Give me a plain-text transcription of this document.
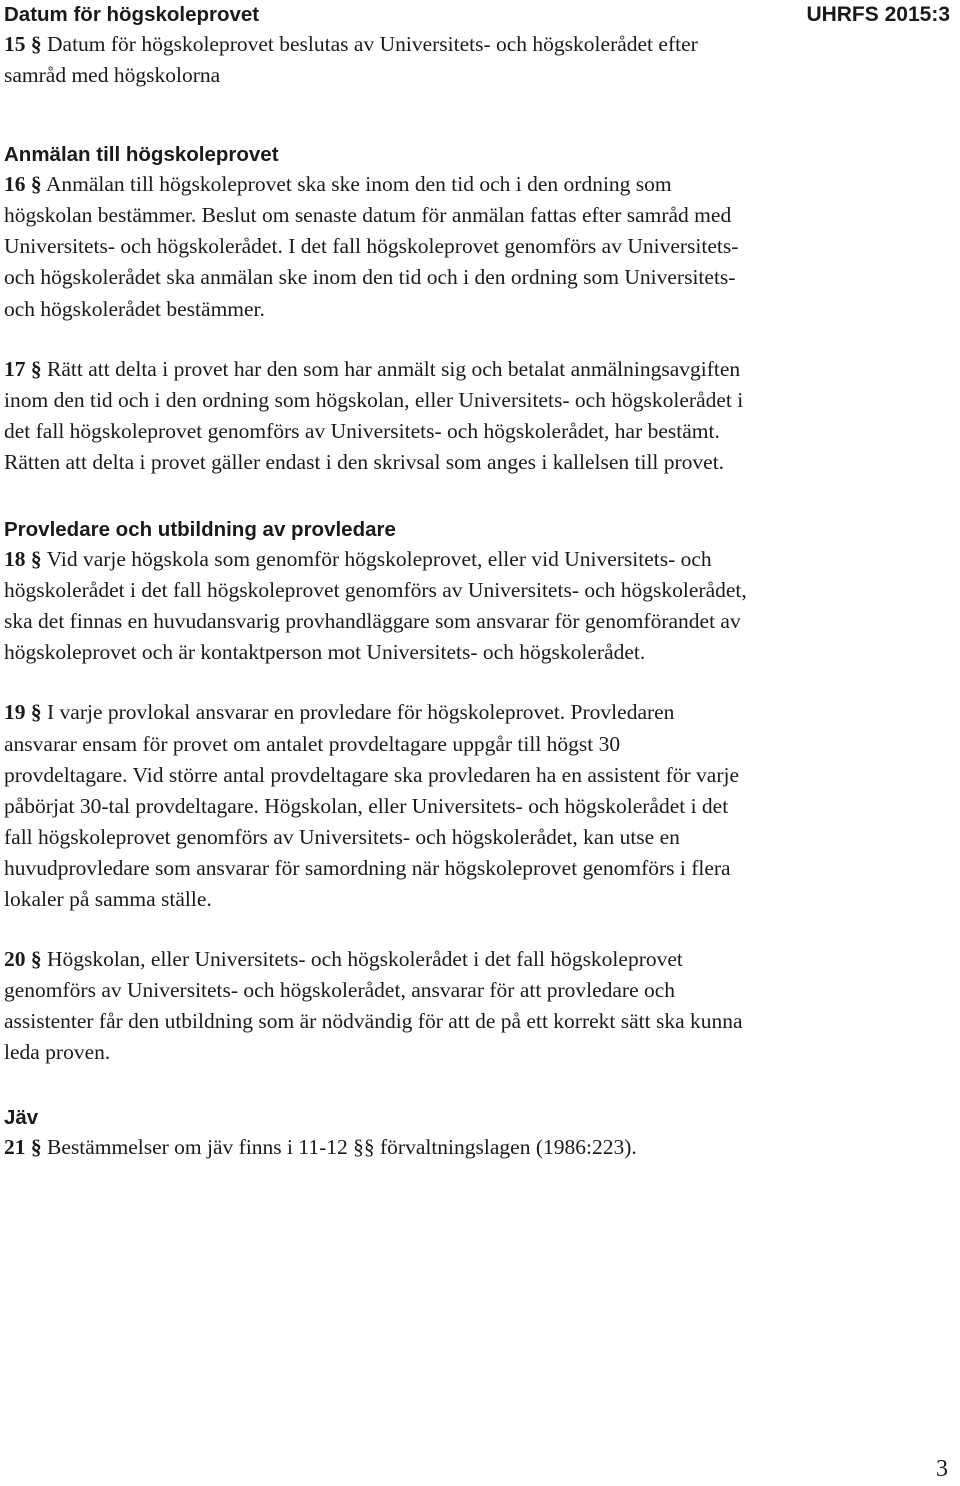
UHRFS 2015:3
Datum för högskoleprovet

15 § Datum för högskoleprovet beslutas av Universitets- och högskolerådet efter samråd med högskolorna

Anmälan till högskoleprovet

16 § Anmälan till högskoleprovet ska ske inom den tid och i den ordning som högskolan bestämmer. Beslut om senaste datum för anmälan fattas efter samråd med Universitets- och högskolerådet. I det fall högskoleprovet genomförs av Universitets- och högskolerådet ska anmälan ske inom den tid och i den ordning som Universitets- och högskolerådet bestämmer.

17 § Rätt att delta i provet har den som har anmält sig och betalat anmälningsavgiften inom den tid och i den ordning som högskolan, eller Universitets- och högskolerådet i det fall högskoleprovet genomförs av Universitets- och högskolerådet, har bestämt. Rätten att delta i provet gäller endast i den skrivsal som anges i kallelsen till provet.

Provledare och utbildning av provledare

18 § Vid varje högskola som genomför högskoleprovet, eller vid Universitets- och högskolerådet i det fall högskoleprovet genomförs av Universitets- och högskolerådet, ska det finnas en huvudansvarig provhandläggare som ansvarar för genomförandet av högskoleprovet och är kontaktperson mot Universitets- och högskolerådet.

19 § I varje provlokal ansvarar en provledare för högskoleprovet. Provledaren ansvarar ensam för provet om antalet provdeltagare uppgår till högst 30 provdeltagare. Vid större antal provdeltagare ska provledaren ha en assistent för varje påbörjat 30-tal provdeltagare. Högskolan, eller Universitets- och högskolerådet i det fall högskoleprovet genomförs av Universitets- och högskolerådet, kan utse en huvudprovledare som ansvarar för samordning när högskoleprovet genomförs i flera lokaler på samma ställe.

20 § Högskolan, eller Universitets- och högskolerådet i det fall högskoleprovet genomförs av Universitets- och högskolerådet, ansvarar för att provledare och assistenter får den utbildning som är nödvändig för att de på ett korrekt sätt ska kunna leda proven.

Jäv

21 § Bestämmelser om jäv finns i 11-12 §§ förvaltningslagen (1986:223).

3
